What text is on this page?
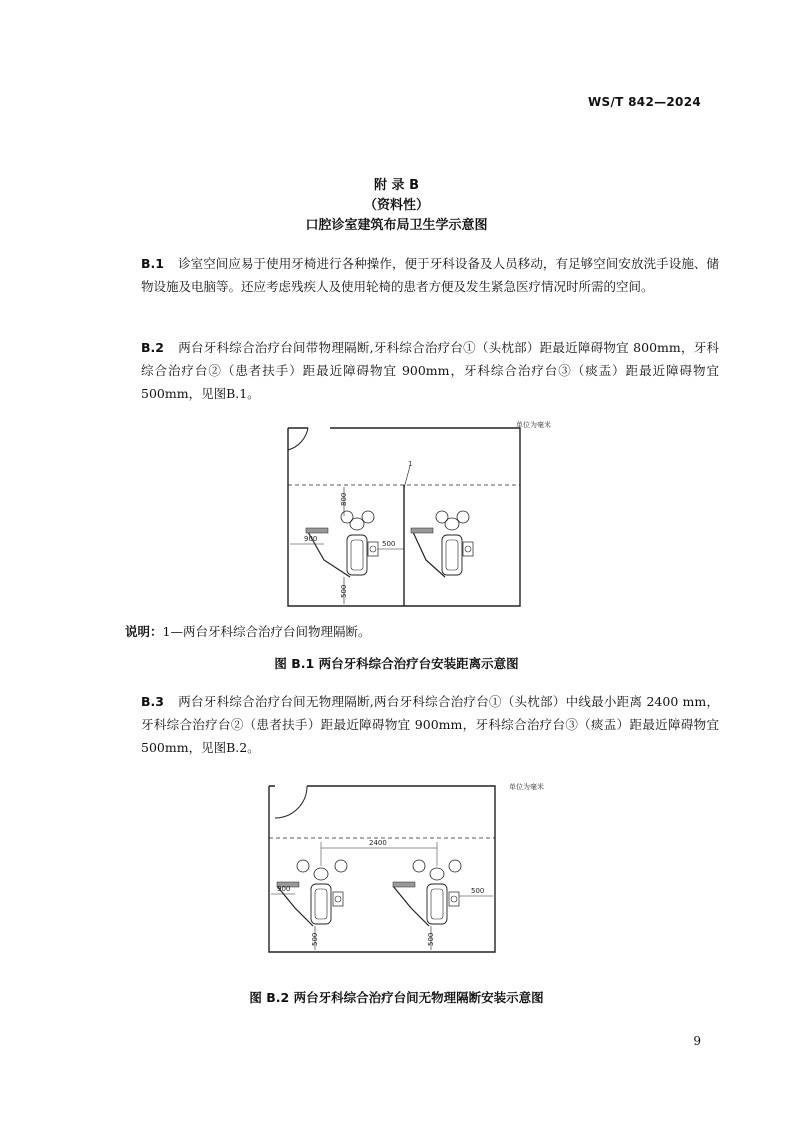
WS/T 842—2024
附 录 B
（资料性）
口腔诊室建筑布局卫生学示意图

B.1 诊室空间应易于使用牙椅进行各种操作，便于牙科设备及人员移动，有足够空间安放洗手设施、储物设施及电脑等。还应考虑残疾人及使用轮椅的患者方便及发生紧急医疗情况时所需的空间。

B.2 两台牙科综合治疗台间带物理隔断,牙科综合治疗台①（头枕部）距最近障碍物宜 800mm，牙科综合治疗台②（患者扶手）距最近障碍物宜 900mm，牙科综合治疗台③（痰盂）距最近障碍物宜 500mm，见图B.1。

1
单位为毫米
800
900
500
500
说明：1—两台牙科综合治疗台间物理隔断。
图 B.1 两台牙科综合治疗台安装距离示意图

B.3 两台牙科综合治疗台间无物理隔断,两台牙科综合治疗台①（头枕部）中线最小距离 2400 mm，牙科综合治疗台②（患者扶手）距最近障碍物宜 900mm，牙科综合治疗台③（痰盂）距最近障碍物宜 500mm，见图B.2。

单位为毫米
2400
900	500
500	500
图 B.2 两台牙科综合治疗台间无物理隔断安装示意图
9
